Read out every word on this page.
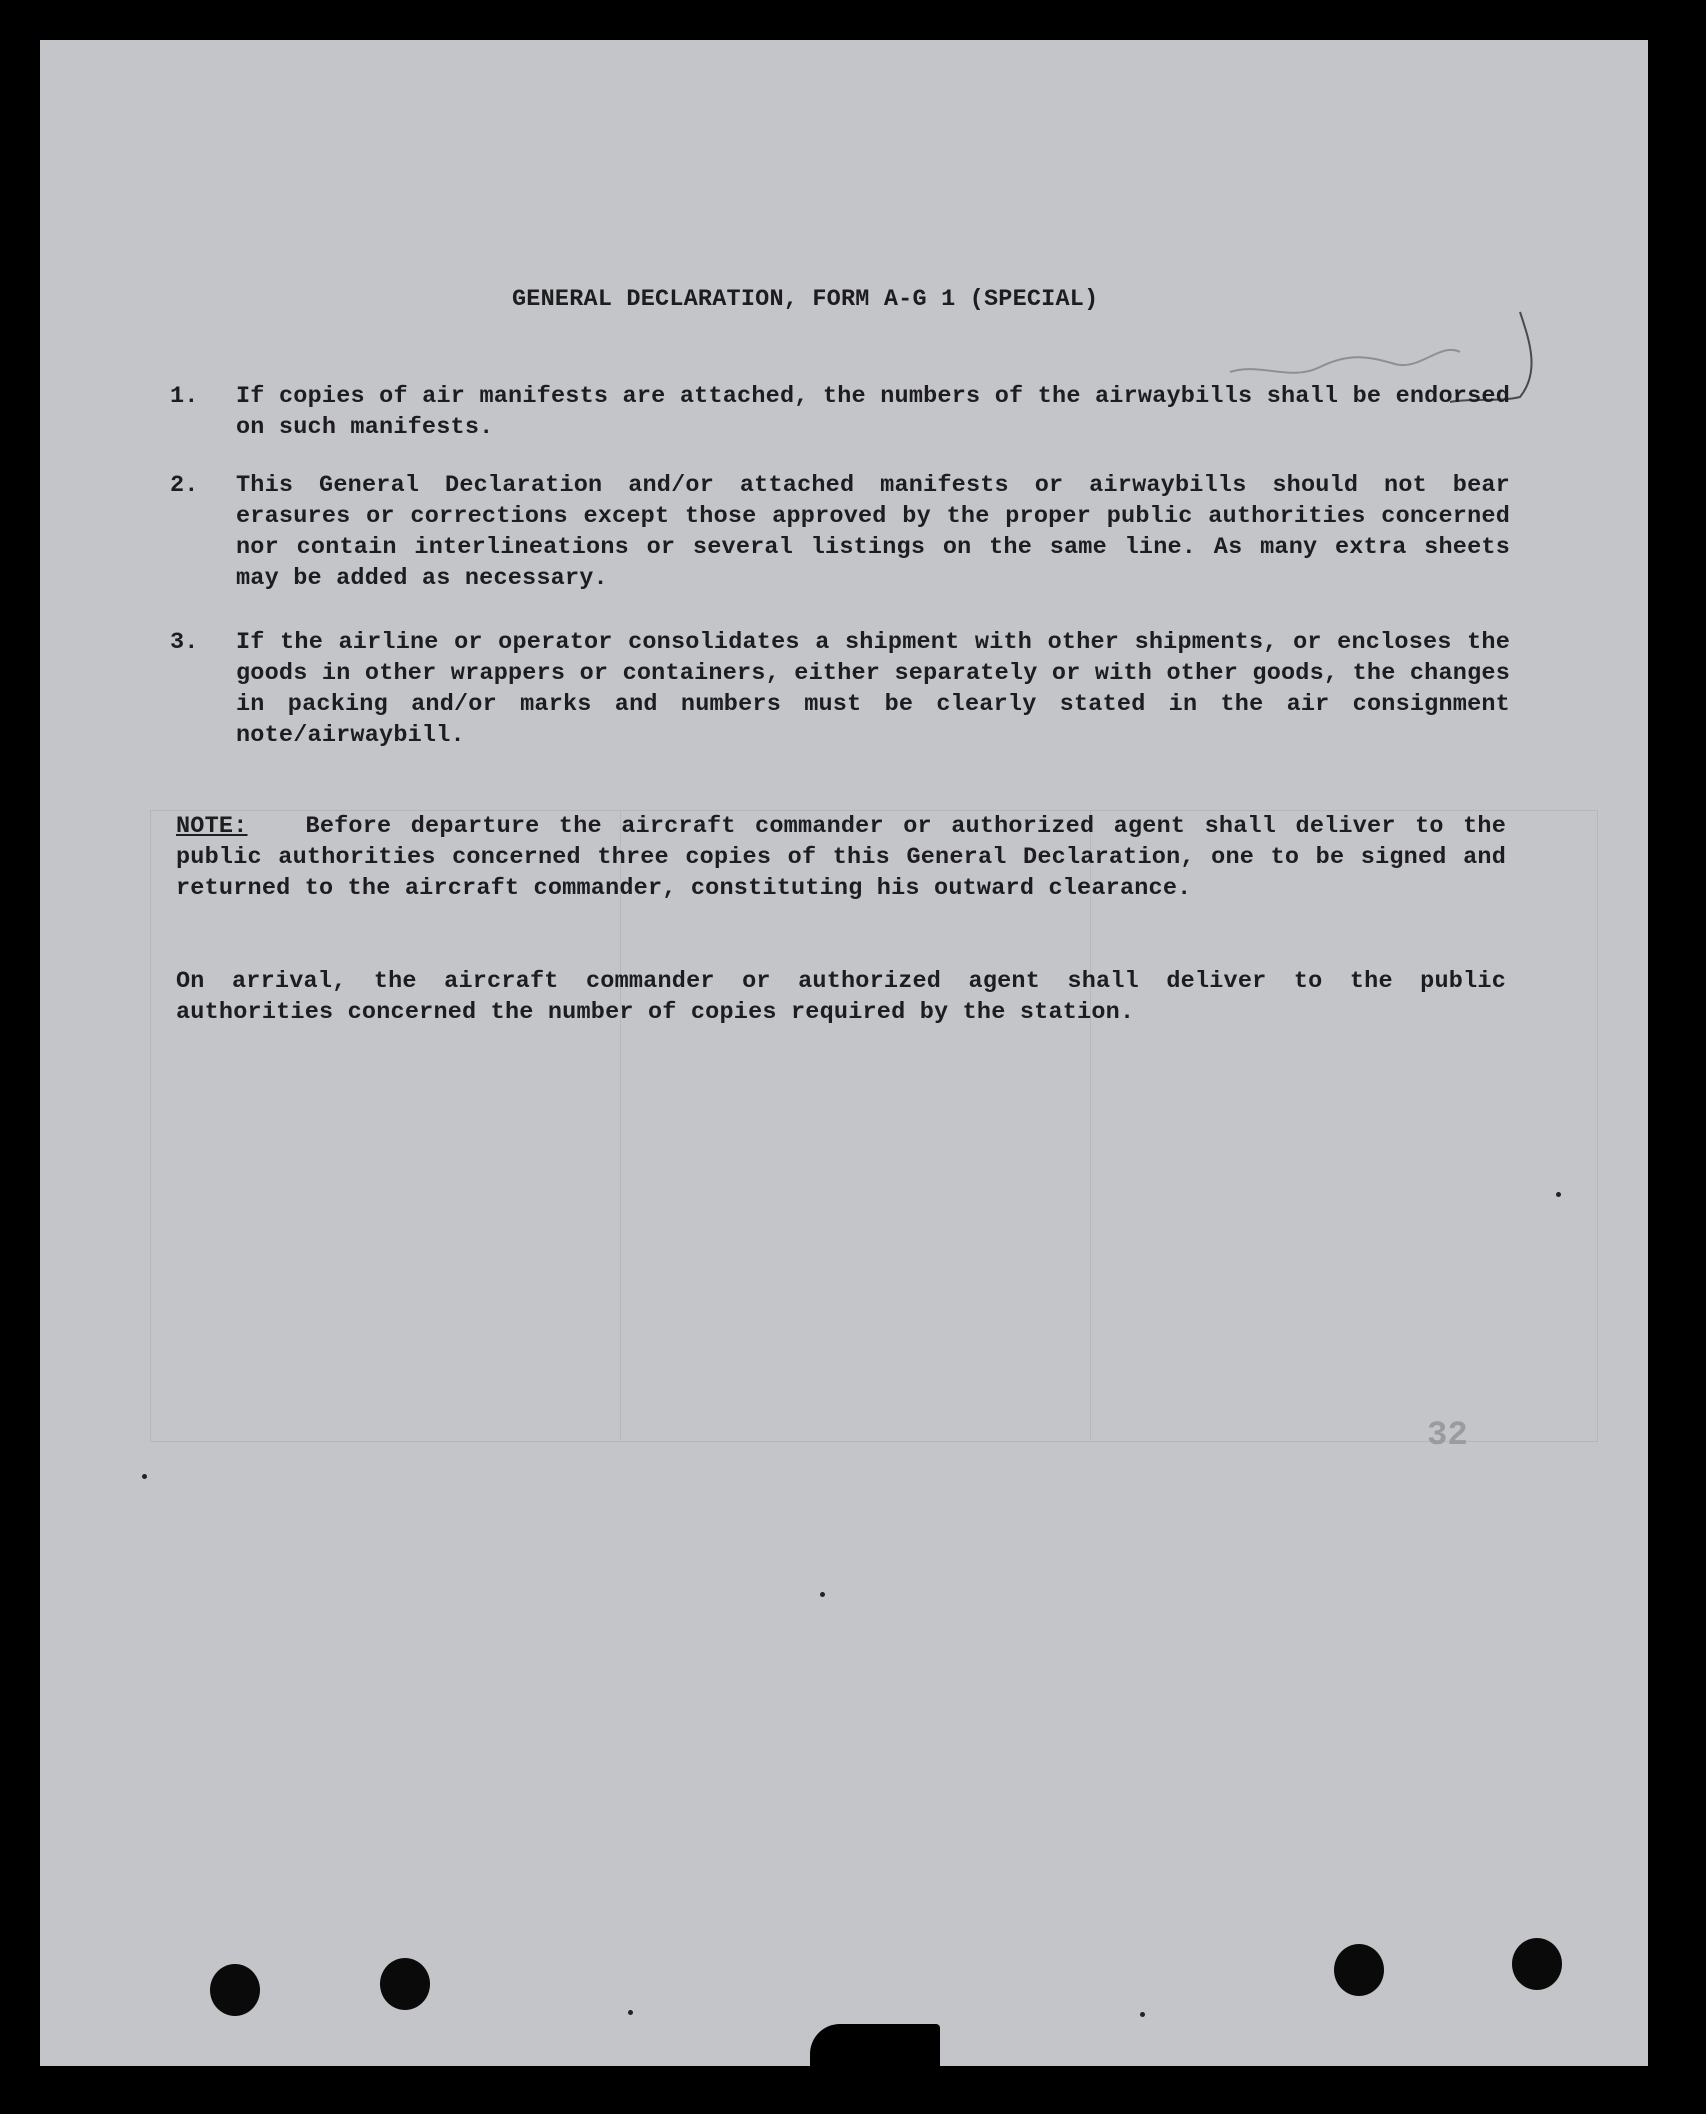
GENERAL DECLARATION, FORM A-G 1 (SPECIAL)
1.	If copies of air manifests are attached, the numbers of the airwaybills shall be endorsed on such manifests.
2.	This General Declaration and/or attached manifests or airwaybills should not bear erasures or corrections except those approved by the proper public authorities concerned nor contain interlineations or several listings on the same line. As many extra sheets may be added as necessary.
3.	If the airline or operator consolidates a shipment with other shipments, or encloses the goods in other wrappers or containers, either separately or with other goods, the changes in packing and/or marks and numbers must be clearly stated in the air consignment note/airwaybill.
NOTE: Before departure the aircraft commander or authorized agent shall deliver to the public authorities concerned three copies of this General Declaration, one to be signed and returned to the aircraft commander, constituting his outward clearance.
On arrival, the aircraft commander or authorized agent shall deliver to the public authorities concerned the number of copies required by the station.
32
